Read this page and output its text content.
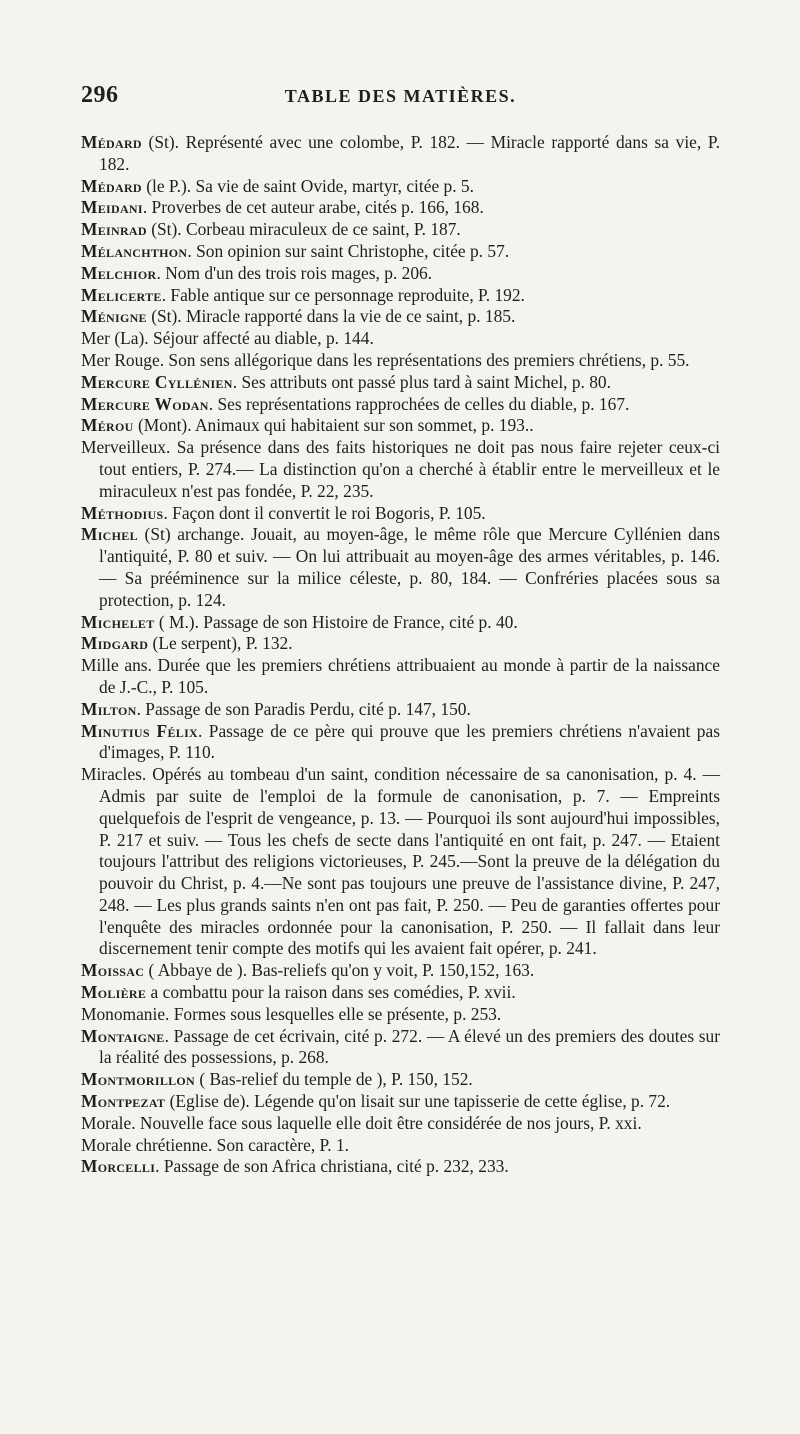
296	TABLE DES MATIÈRES.
Médard (St). Représenté avec une colombe, P. 182. — Miracle rapporté dans sa vie, P. 182.
Médard (le P.). Sa vie de saint Ovide, martyr, citée p. 5.
Meidani. Proverbes de cet auteur arabe, cités p. 166, 168.
Meinrad (St). Corbeau miraculeux de ce saint, P. 187.
Mélanchthon. Son opinion sur saint Christophe, citée p. 57.
Melchior. Nom d'un des trois rois mages, p. 206.
Melicerte. Fable antique sur ce personnage reproduite, P. 192.
Ménigne (St). Miracle rapporté dans la vie de ce saint, p. 185.
Mer (La). Séjour affecté au diable, p. 144.
Mer Rouge. Son sens allégorique dans les représentations des premiers chrétiens, p. 55.
Mercure Cyllénien. Ses attributs ont passé plus tard à saint Michel, p. 80.
Mercure Wodan. Ses représentations rapprochées de celles du diable, p. 167.
Mérou (Mont). Animaux qui habitaient sur son sommet, p. 193..
Merveilleux. Sa présence dans des faits historiques ne doit pas nous faire rejeter ceux-ci tout entiers, P. 274.— La distinction qu'on a cherché à établir entre le merveilleux et le miraculeux n'est pas fondée, P. 22, 235.
Méthodius. Façon dont il convertit le roi Bogoris, P. 105.
Michel (St) archange. Jouait, au moyen-âge, le même rôle que Mercure Cyllénien dans l'antiquité, P. 80 et suiv. — On lui attribuait au moyen-âge des armes véritables, p. 146. — Sa prééminence sur la milice céleste, p. 80, 184. — Confréries placées sous sa protection, p. 124.
Michelet ( M.). Passage de son Histoire de France, cité p. 40.
Midgard (Le serpent), P. 132.
Mille ans. Durée que les premiers chrétiens attribuaient au monde à partir de la naissance de J.-C., P. 105.
Milton. Passage de son Paradis Perdu, cité p. 147, 150.
Minutius Félix. Passage de ce père qui prouve que les premiers chrétiens n'avaient pas d'images, P. 110.
Miracles. Opérés au tombeau d'un saint, condition nécessaire de sa canonisation, p. 4. — Admis par suite de l'emploi de la formule de canonisation, p. 7. — Empreints quelquefois de l'esprit de vengeance, p. 13. — Pourquoi ils sont aujourd'hui impossibles, P. 217 et suiv. — Tous les chefs de secte dans l'antiquité en ont fait, p. 247. — Etaient toujours l'attribut des religions victorieuses, P. 245.—Sont la preuve de la délégation du pouvoir du Christ, p. 4.—Ne sont pas toujours une preuve de l'assistance divine, P. 247, 248. — Les plus grands saints n'en ont pas fait, P. 250. — Peu de garanties offertes pour l'enquête des miracles ordonnée pour la canonisation, P. 250. — Il fallait dans leur discernement tenir compte des motifs qui les avaient fait opérer, p. 241.
Moissac ( Abbaye de ). Bas-reliefs qu'on y voit, P. 150,152, 163.
Molière a combattu pour la raison dans ses comédies, P. xvii.
Monomanie. Formes sous lesquelles elle se présente, p. 253.
Montaigne. Passage de cet écrivain, cité p. 272. — A élevé un des premiers des doutes sur la réalité des possessions, p. 268.
Montmorillon ( Bas-relief du temple de ), P. 150, 152.
Montpezat (Eglise de). Légende qu'on lisait sur une tapisserie de cette église, p. 72.
Morale. Nouvelle face sous laquelle elle doit être considérée de nos jours, P. xxi.
Morale chrétienne. Son caractère, P. 1.
Morcelli. Passage de son Africa christiana, cité p. 232, 233.
